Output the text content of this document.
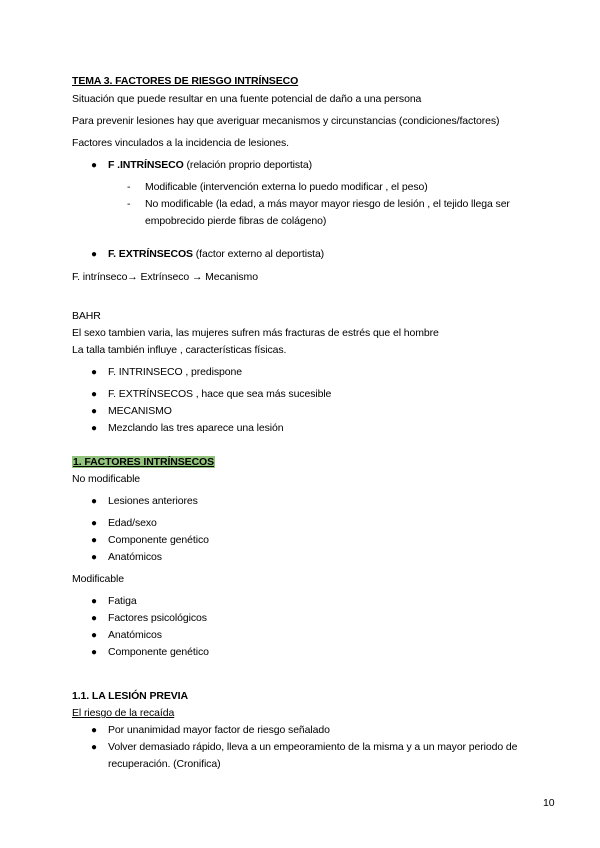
TEMA 3. FACTORES DE RIESGO INTRÍNSECO
Situación que puede resultar en una fuente potencial de daño a una persona
Para prevenir lesiones hay que averiguar mecanismos y circunstancias (condiciones/factores)
Factores vinculados a la incidencia de lesiones.
● F .INTRÍNSECO (relación proprio deportista)
- Modificable (intervención externa lo puedo modificar , el peso)
- No modificable (la edad, a más mayor mayor riesgo de lesión , el tejido llega ser
empobrecido pierde fibras de colágeno)
● F. EXTRÍNSECOS (factor externo al deportista)
F. intrínseco→ Extrínseco → Mecanismo
BAHR
El sexo tambien varia, las mujeres sufren más fracturas de estrés que el hombre
La talla también influye , características físicas.
● F. INTRINSECO , predispone
● F. EXTRÍNSECOS , hace que sea más sucesible
● MECANISMO
● Mezclando las tres aparece una lesión
1. FACTORES INTRÍNSECOS
No modificable
● Lesiones anteriores
● Edad/sexo
● Componente genético
● Anatómicos
Modificable
● Fatiga
● Factores psicológicos
● Anatómicos
● Componente genético
1.1. LA LESIÓN PREVIA
El riesgo de la recaída
● Por unanimidad mayor factor de riesgo señalado
● Volver demasiado rápido, lleva a un empeoramiento de la misma y a un mayor periodo de
recuperación. (Cronifica)
10
